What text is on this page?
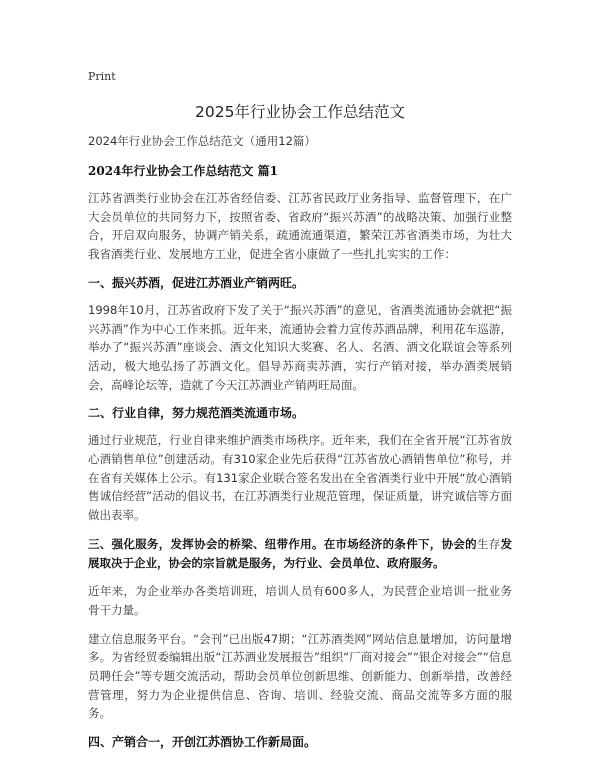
Print
2025年行业协会工作总结范文
2024年行业协会工作总结范文（通用12篇）
2024年行业协会工作总结范文 篇1

江苏省酒类行业协会在江苏省经信委、江苏省民政厅业务指导、监督管理下，在广大会员单位的共同努力下，按照省委、省政府“振兴苏酒”的战略决策、加强行业整合，开启双向服务，协调产销关系，疏通流通渠道，繁荣江苏省酒类市场，为壮大我省酒类行业、发展地方工业，促进全省小康做了一些扎扎实实的工作：

一、振兴苏酒，促进江苏酒业产销两旺。

1998年10月，江苏省政府下发了关于“振兴苏酒”的意见，省酒类流通协会就把“振兴苏酒”作为中心工作来抓。近年来，流通协会着力宣传苏酒品牌，利用花车巡游，举办了“振兴苏酒”座谈会、酒文化知识大奖赛、名人、名酒、酒文化联谊会等系列活动，极大地弘扬了苏酒文化。倡导苏商卖苏酒，实行产销对接，举办酒类展销会，高峰论坛等，造就了今天江苏酒业产销两旺局面。

二、行业自律，努力规范酒类流通市场。

通过行业规范，行业自律来维护酒类市场秩序。近年来，我们在全省开展“江苏省放心酒销售单位”创建活动。有310家企业先后获得“江苏省放心酒销售单位”称号，并在省有关媒体上公示。有131家企业联合签名发出在全省酒类行业中开展“放心酒销售诚信经营”活动的倡议书，在江苏酒类行业规范管理，保证质量，讲究诚信等方面做出表率。

三、强化服务，发挥协会的桥梁、纽带作用。在市场经济的条件下，协会的生存发展取决于企业，协会的宗旨就是服务，为行业、会员单位、政府服务。

近年来，为企业举办各类培训班，培训人员有600多人，为民营企业培训一批业务骨干力量。

建立信息服务平台。“会刊”已出版47期；“江苏酒类网”网站信息量增加，访问量增多。为省经贸委编辑出版“江苏酒业发展报告”组织“厂商对接会”“银企对接会”“信息员聘任会”等专题交流活动，帮助会员单位创新思维、创新能力、创新举措，改善经营管理，努力为企业提供信息、咨询、培训、经验交流、商品交流等多方面的服务。

四、产销合一，开创江苏酒协工作新局面。
